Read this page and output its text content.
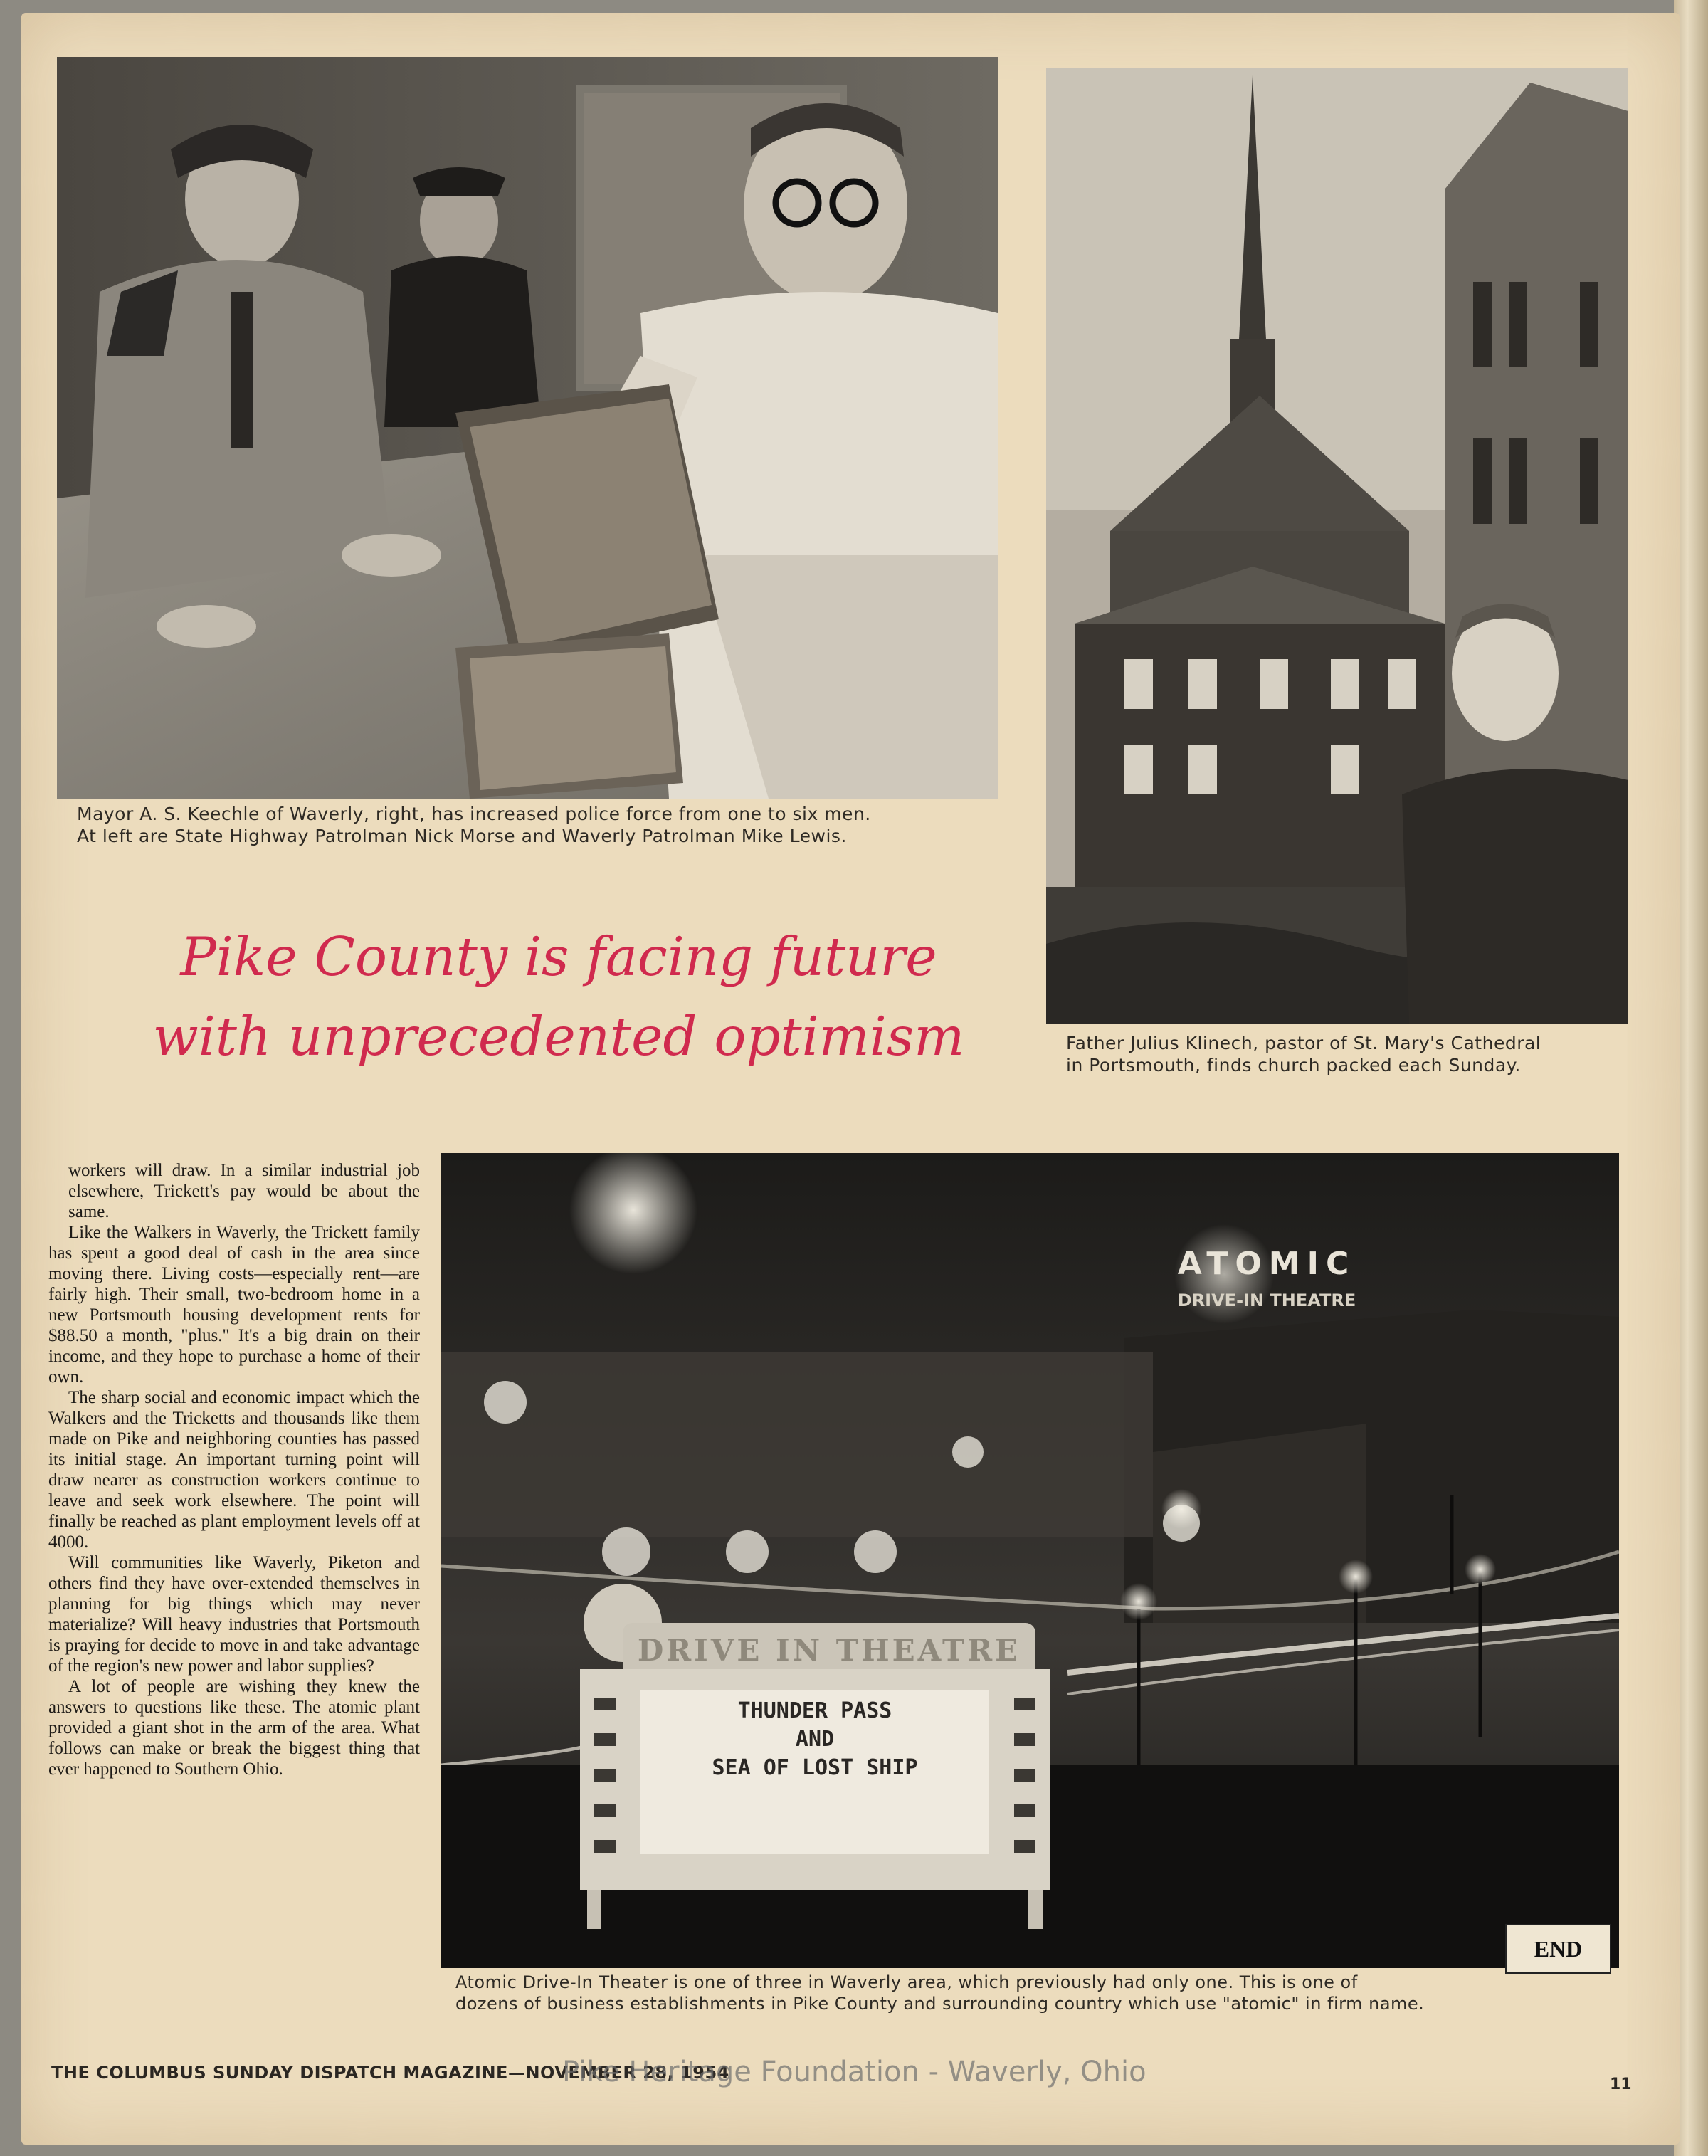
Mayor A. S. Keechle of Waverly, right, has increased police force from one to six men.
At left are State Highway Patrolman Nick Morse and Waverly Patrolman Mike Lewis.
Father Julius Klinech, pastor of St. Mary's Cathedral
in Portsmouth, finds church packed each Sunday.
Pike County is facing future
with unprecedented optimism

workers will draw. In a similar industrial job elsewhere, Trickett's pay would be about the same.

Like the Walkers in Waverly, the Trickett family has spent a good deal of cash in the area since moving there. Living costs—especially rent—are fairly high. Their small, two-bedroom home in a new Portsmouth housing development rents for $88.50 a month, "plus." It's a big drain on their income, and they hope to purchase a home of their own.

The sharp social and economic impact which the Walkers and the Tricketts and thousands like them made on Pike and neighboring counties has passed its initial stage. An important turning point will draw nearer as construction workers continue to leave and seek work elsewhere. The point will finally be reached as plant employment levels off at 4000.

Will communities like Waverly, Piketon and others find they have over-extended themselves in planning for big things which may never materialize? Will heavy industries that Portsmouth is praying for decide to move in and take advantage of the region's new power and labor supplies?

A lot of people are wishing they knew the answers to questions like these. The atomic plant provided a giant shot in the arm of the area. What follows can make or break the biggest thing that ever happened to Southern Ohio.

ATOMIC
DRIVE-IN THEATRE
DRIVE IN THEATRE
THUNDER PASS
AND
SEA OF LOST SHIP
END
Atomic Drive-In Theater is one of three in Waverly area, which previously had only one. This is one of
dozens of business establishments in Pike County and surrounding country which use "atomic" in firm name.
THE COLUMBUS SUNDAY DISPATCH MAGAZINE—NOVEMBER 28, 1954
11
Pike Heritage Foundation - Waverly, Ohio
